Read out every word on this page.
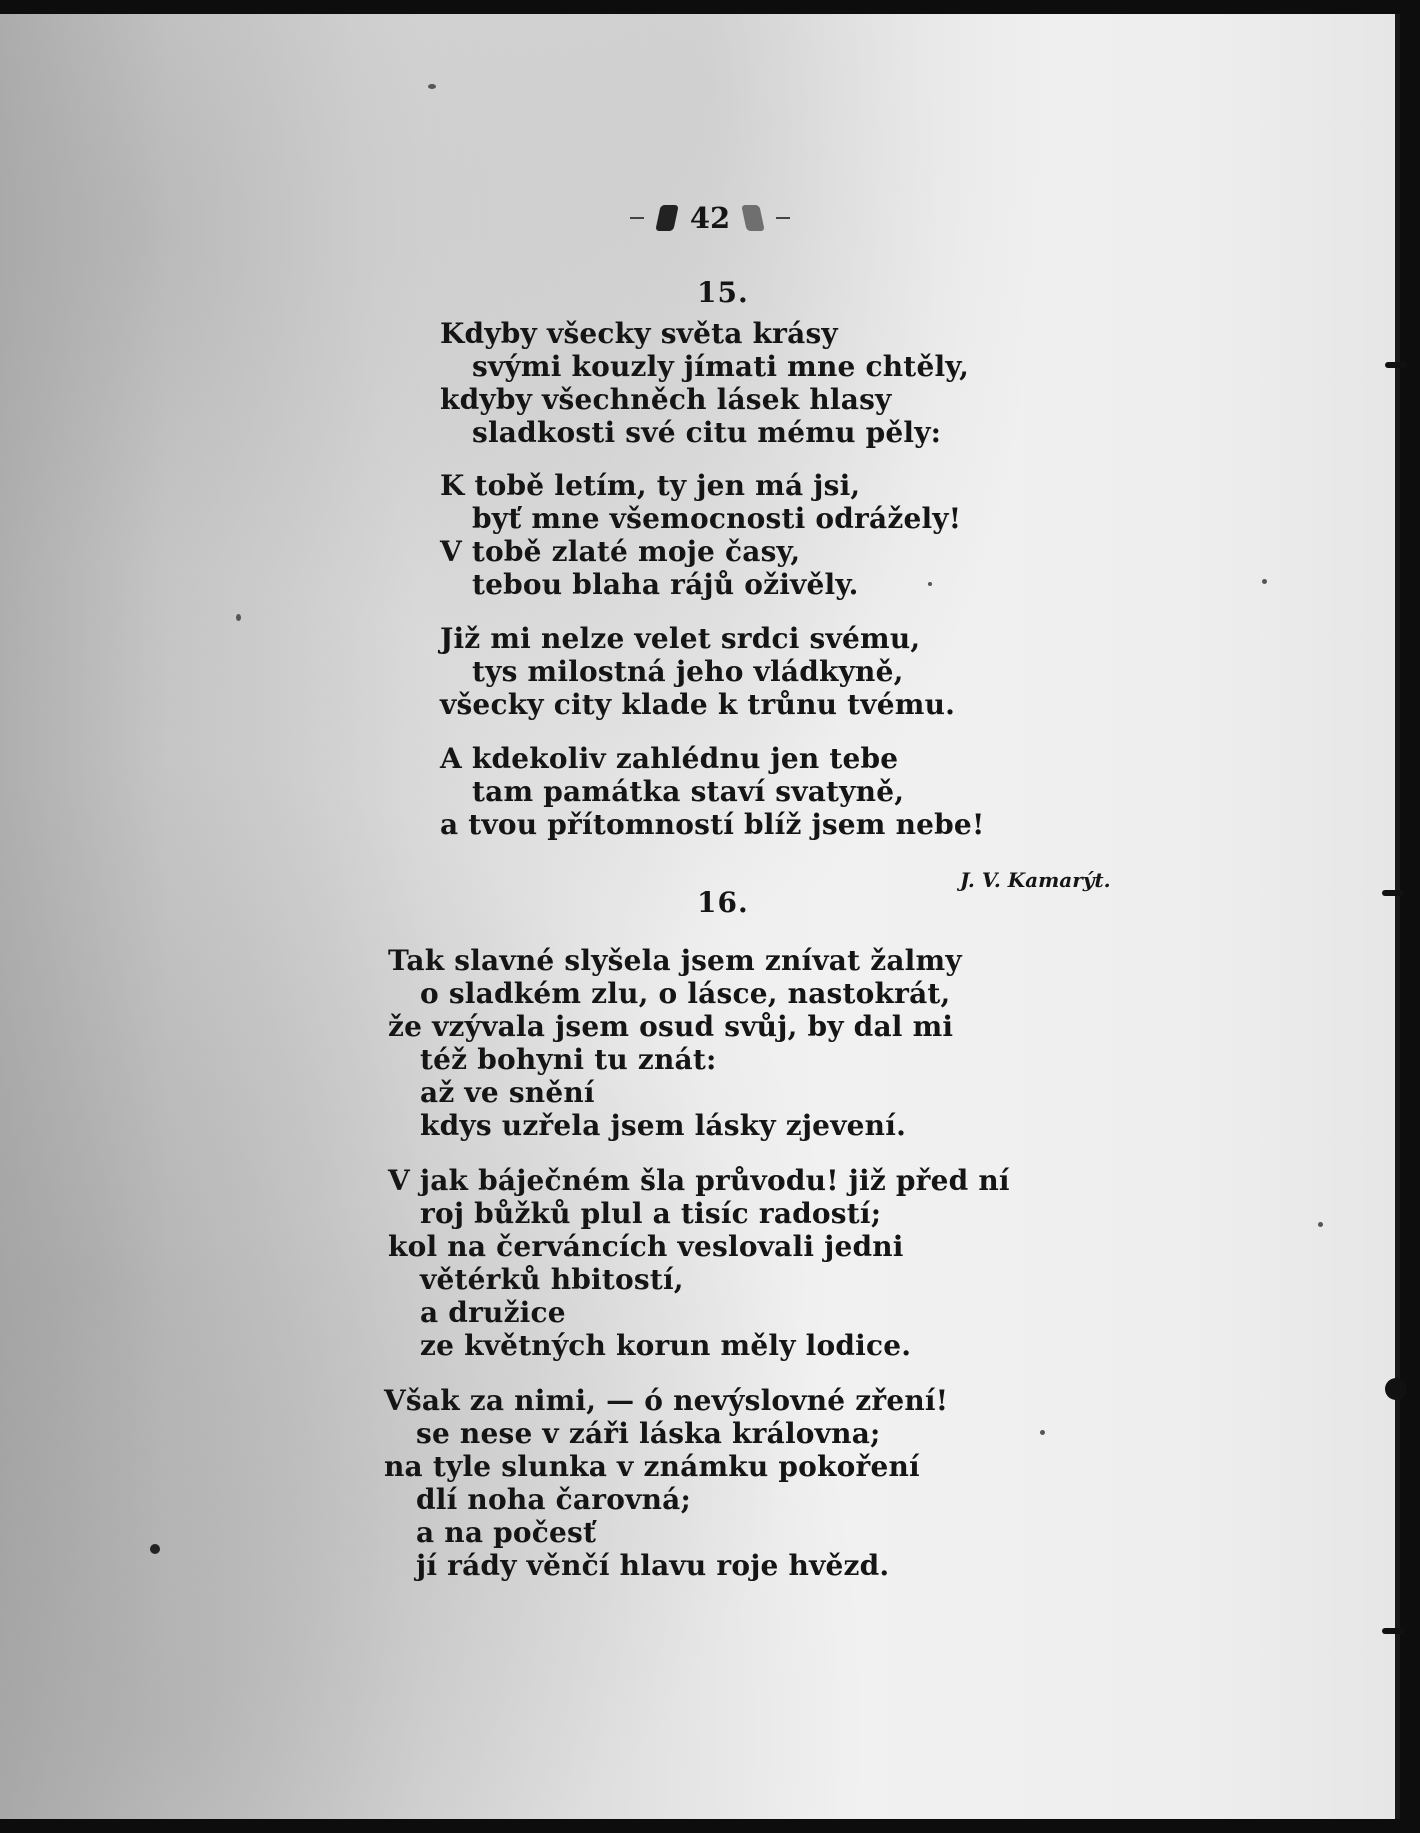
42
15.
Kdyby všecky světa krásy
svými kouzly jímati mne chtěly,
kdyby všechněch lásek hlasy
sladkosti své citu mému pěly:
K tobě letím, ty jen má jsi,
byť mne všemocnosti odrážely!
V tobě zlaté moje časy,
tebou blaha rájů oživěly.
Již mi nelze velet srdci svému,
tys milostná jeho vládkyně,
všecky city klade k trůnu tvému.
A kdekoliv zahlédnu jen tebe
tam památka staví svatyně,
a tvou přítomností blíž jsem nebe!
J. V. Kamarýt.
16.
Tak slavné slyšela jsem znívat žalmy
o sladkém zlu, o lásce, nastokrát,
že vzývala jsem osud svůj, by dal mi
též bohyni tu znát:
až ve snění
kdys uzřela jsem lásky zjevení.
V jak báječném šla průvodu! již před ní
roj bůžků plul a tisíc radostí;
kol na červáncích veslovali jedni
větérků hbitostí,
a družice
ze květných korun měly lodice.
Však za nimi, — ó nevýslovné zření!
se nese v záři láska královna;
na tyle slunka v známku pokoření
dlí noha čarovná;
a na počesť
jí rády věnčí hlavu roje hvězd.
